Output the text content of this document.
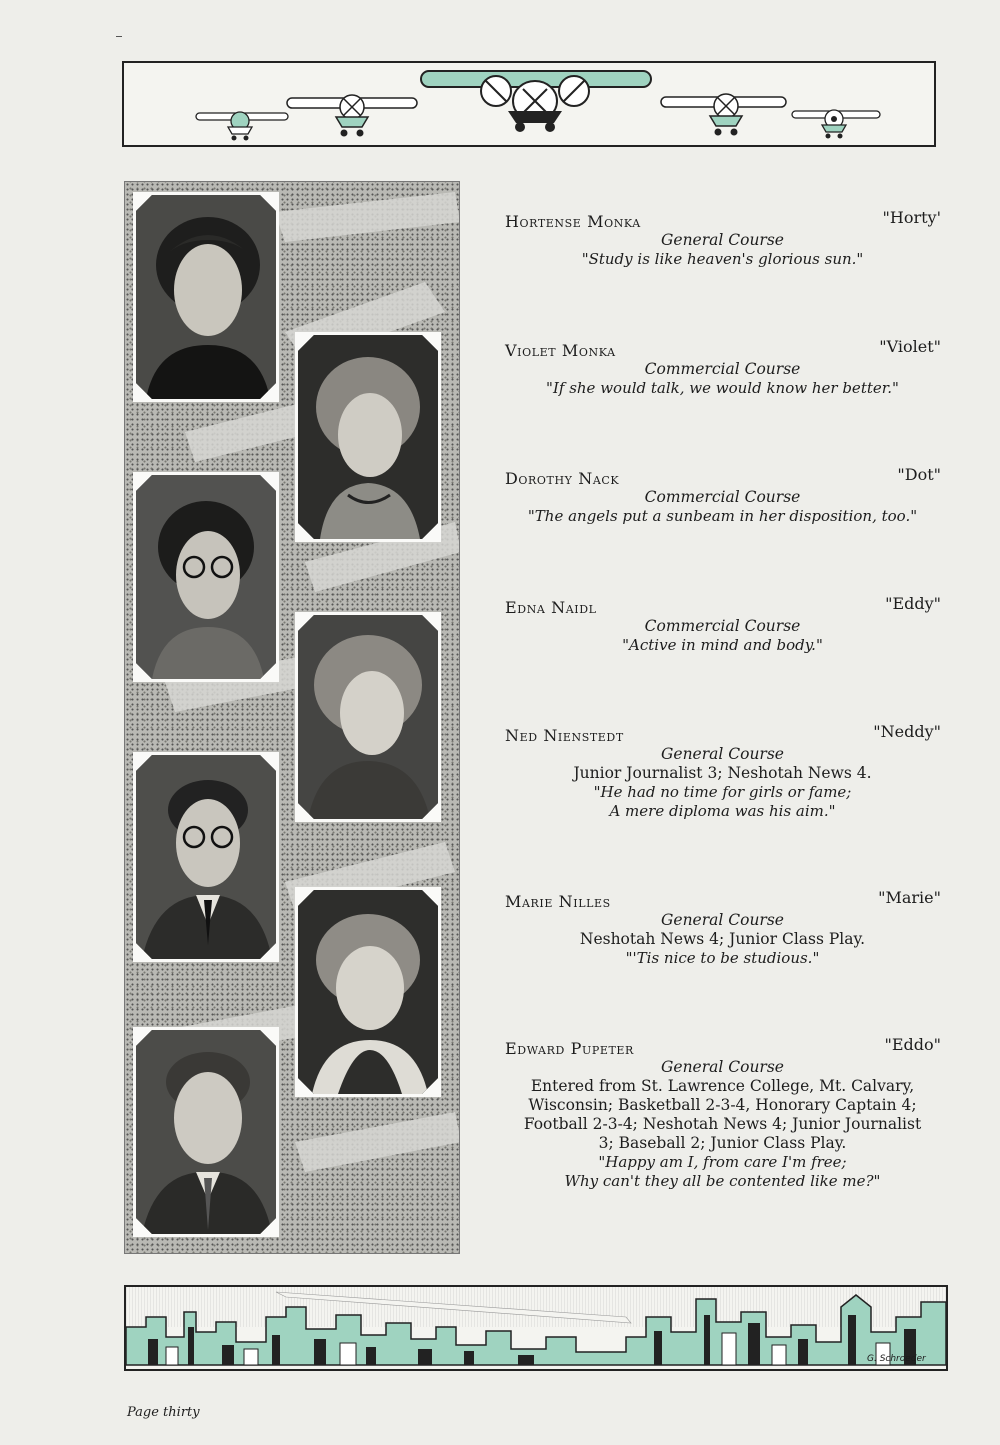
Hortense Monka	"Horty'
General Course
"Study is like heaven's glorious sun."
Violet Monka	"Violet"
Commercial Course
"If she would talk, we would know her better."
Dorothy Nack	"Dot"
Commercial Course
"The angels put a sunbeam in her disposition, too."
Edna Naidl	"Eddy"
Commercial Course
"Active in mind and body."
Ned Nienstedt	"Neddy"
General Course
Junior Journalist 3; Neshotah News 4.
"He had no time for girls or fame;
A mere diploma was his aim."
Marie Nilles	"Marie"
General Course
Neshotah News 4; Junior Class Play.
"'Tis nice to be studious."
Edward Pupeter	"Eddo"
General Course
Entered from St. Lawrence College, Mt. Calvary,
Wisconsin; Basketball 2-3-4, Honorary Captain 4;
Football 2-3-4; Neshotah News 4; Junior Journalist
3; Baseball 2; Junior Class Play.
"Happy am I, from care I'm free;
Why can't they all be contented like me?"
G. Schroeder
Page thirty
